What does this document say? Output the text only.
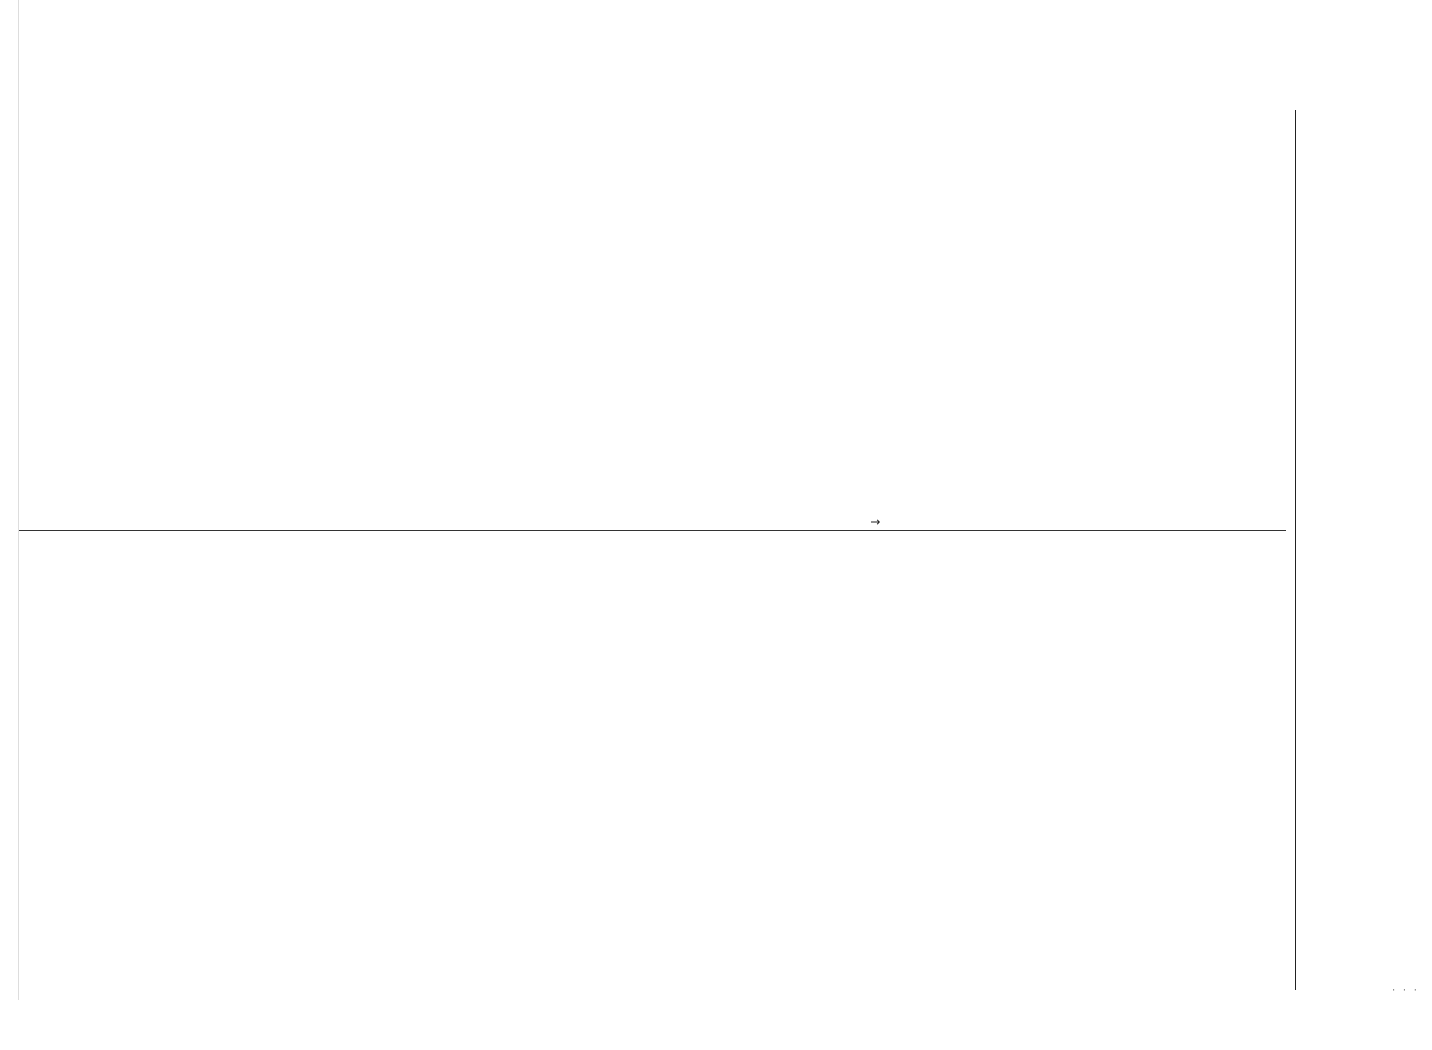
↑
· · ·
